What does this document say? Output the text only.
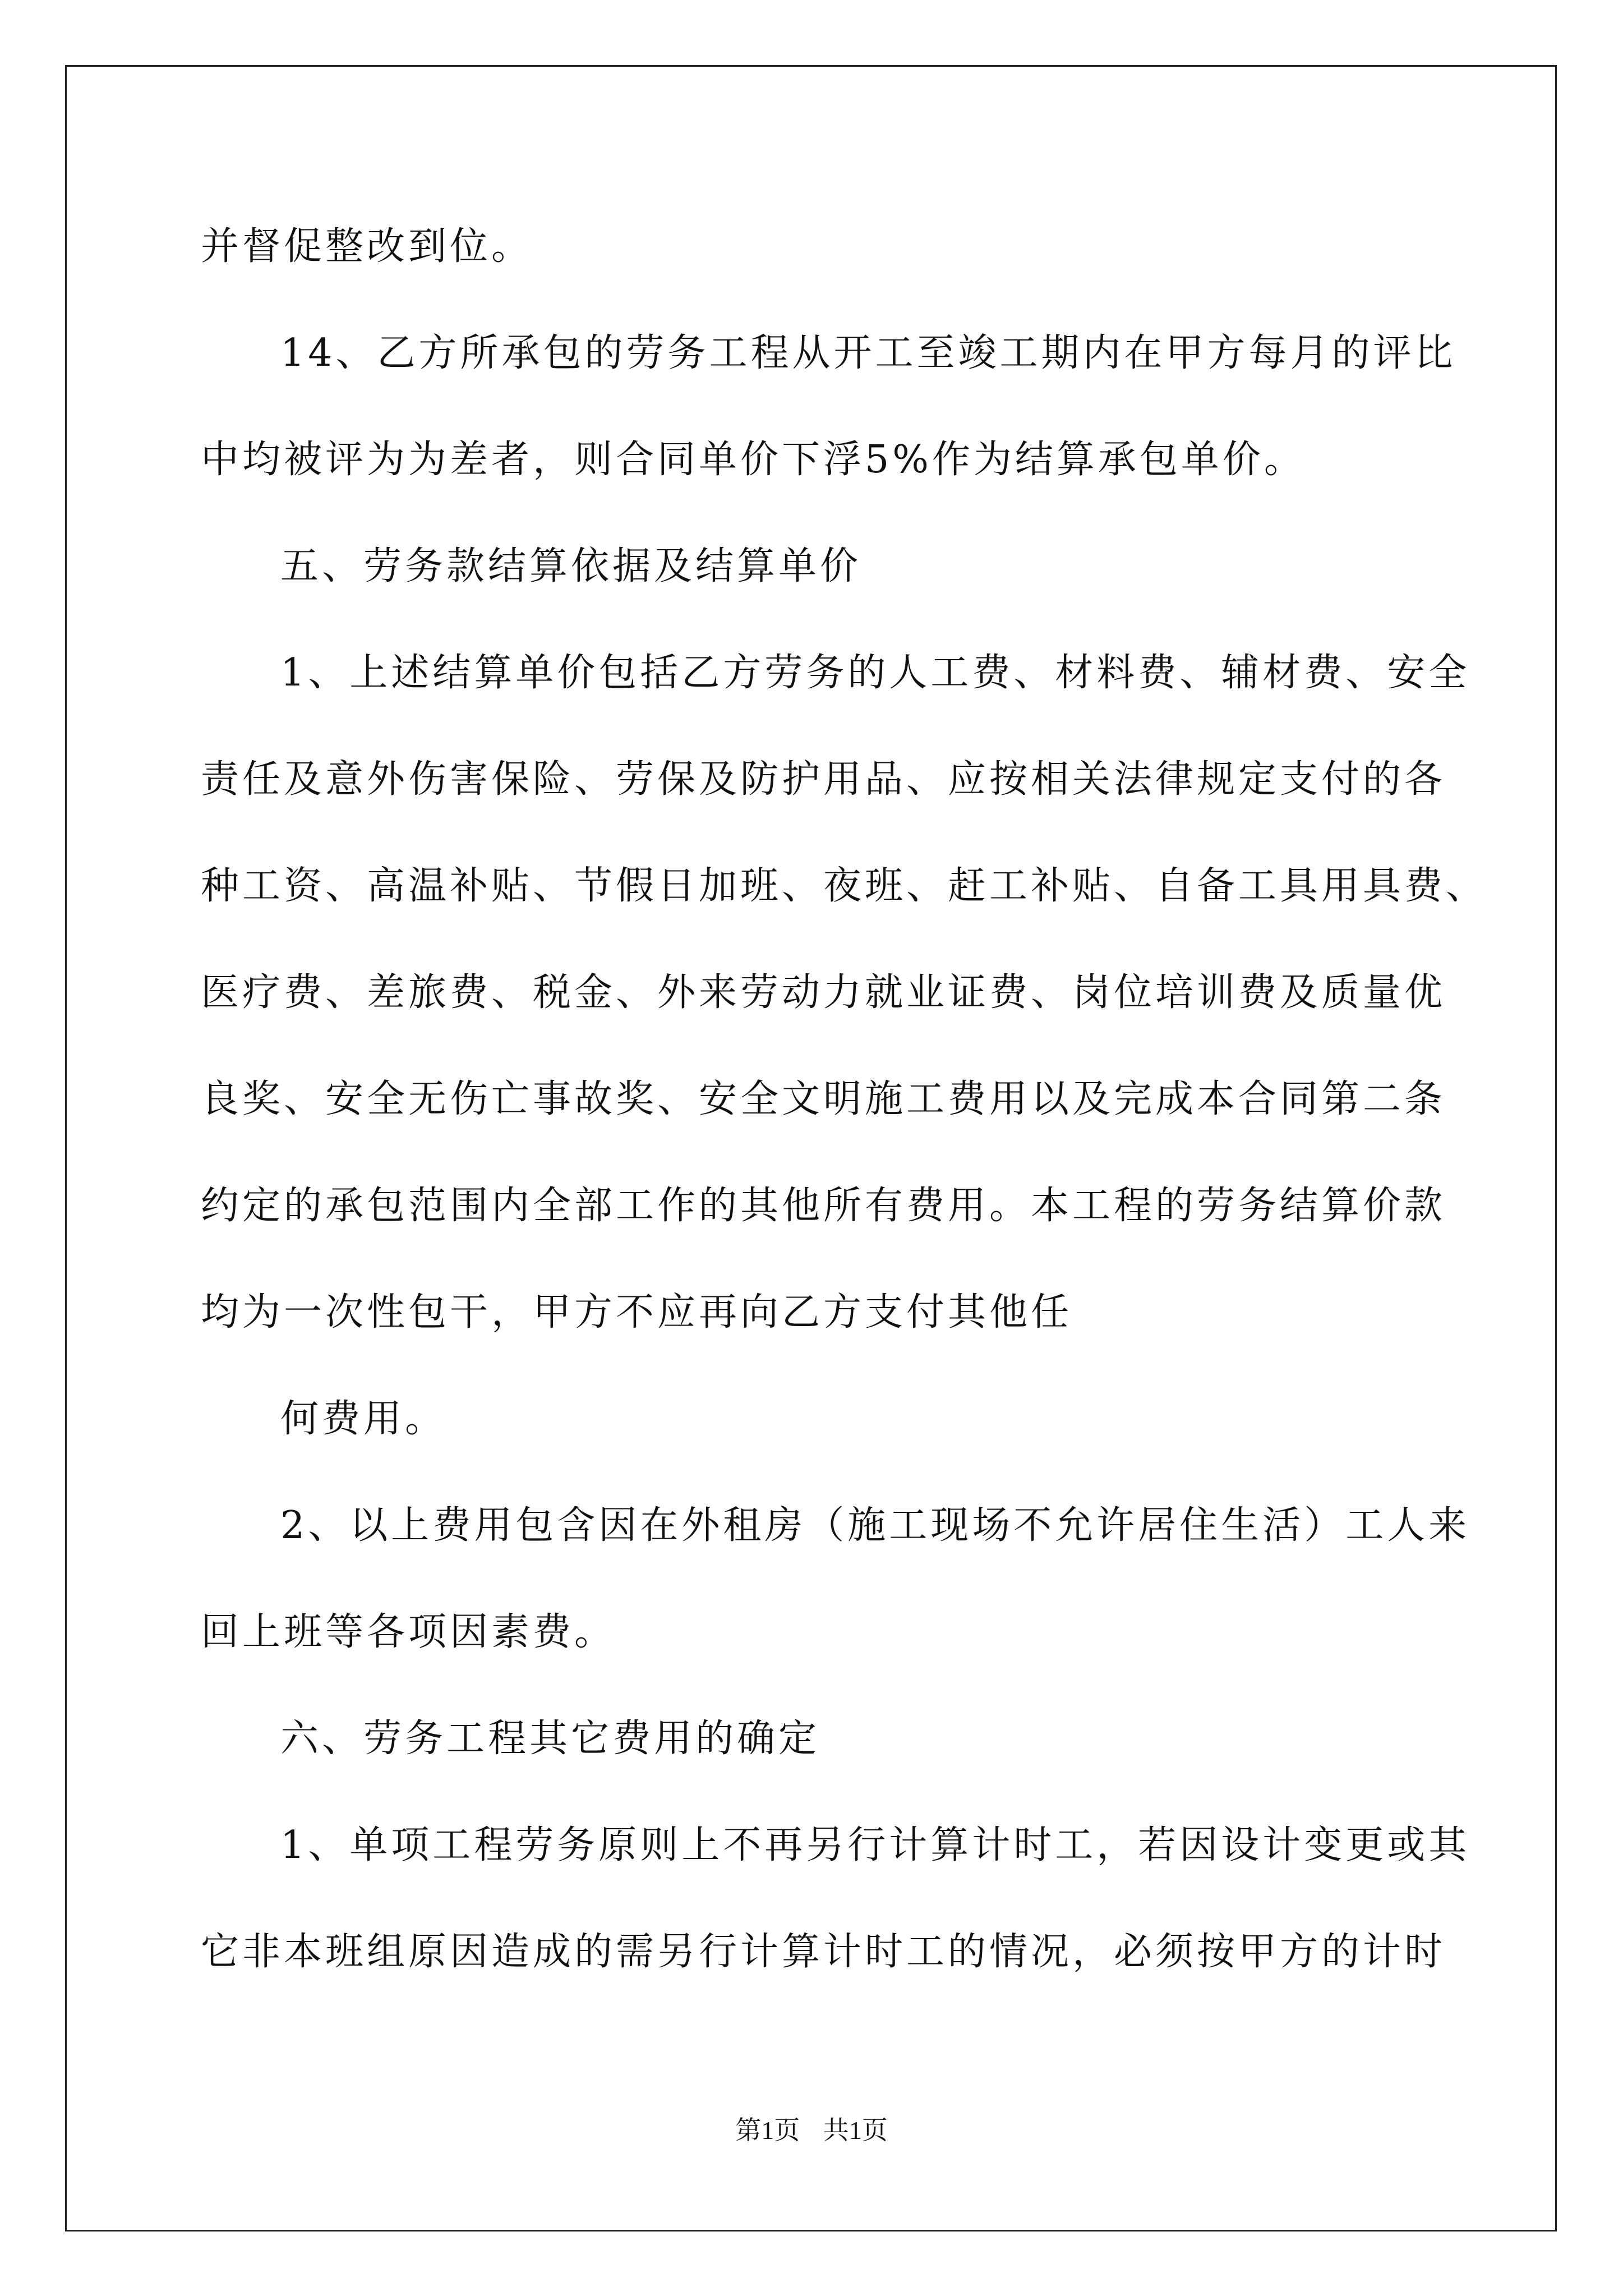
并督促整改到位。
14、乙方所承包的劳务工程从开工至竣工期内在甲方每月的评比
中均被评为为差者，则合同单价下浮5%作为结算承包单价。
五、劳务款结算依据及结算单价
1、上述结算单价包括乙方劳务的人工费、材料费、辅材费、安全
责任及意外伤害保险、劳保及防护用品、应按相关法律规定支付的各
种工资、高温补贴、节假日加班、夜班、赶工补贴、自备工具用具费、
医疗费、差旅费、税金、外来劳动力就业证费、岗位培训费及质量优
良奖、安全无伤亡事故奖、安全文明施工费用以及完成本合同第二条
约定的承包范围内全部工作的其他所有费用。本工程的劳务结算价款
均为一次性包干，甲方不应再向乙方支付其他任
何费用。
2、以上费用包含因在外租房（施工现场不允许居住生活）工人来
回上班等各项因素费。
六、劳务工程其它费用的确定
1、单项工程劳务原则上不再另行计算计时工，若因设计变更或其
它非本班组原因造成的需另行计算计时工的情况，必须按甲方的计时
第1页 共1页
